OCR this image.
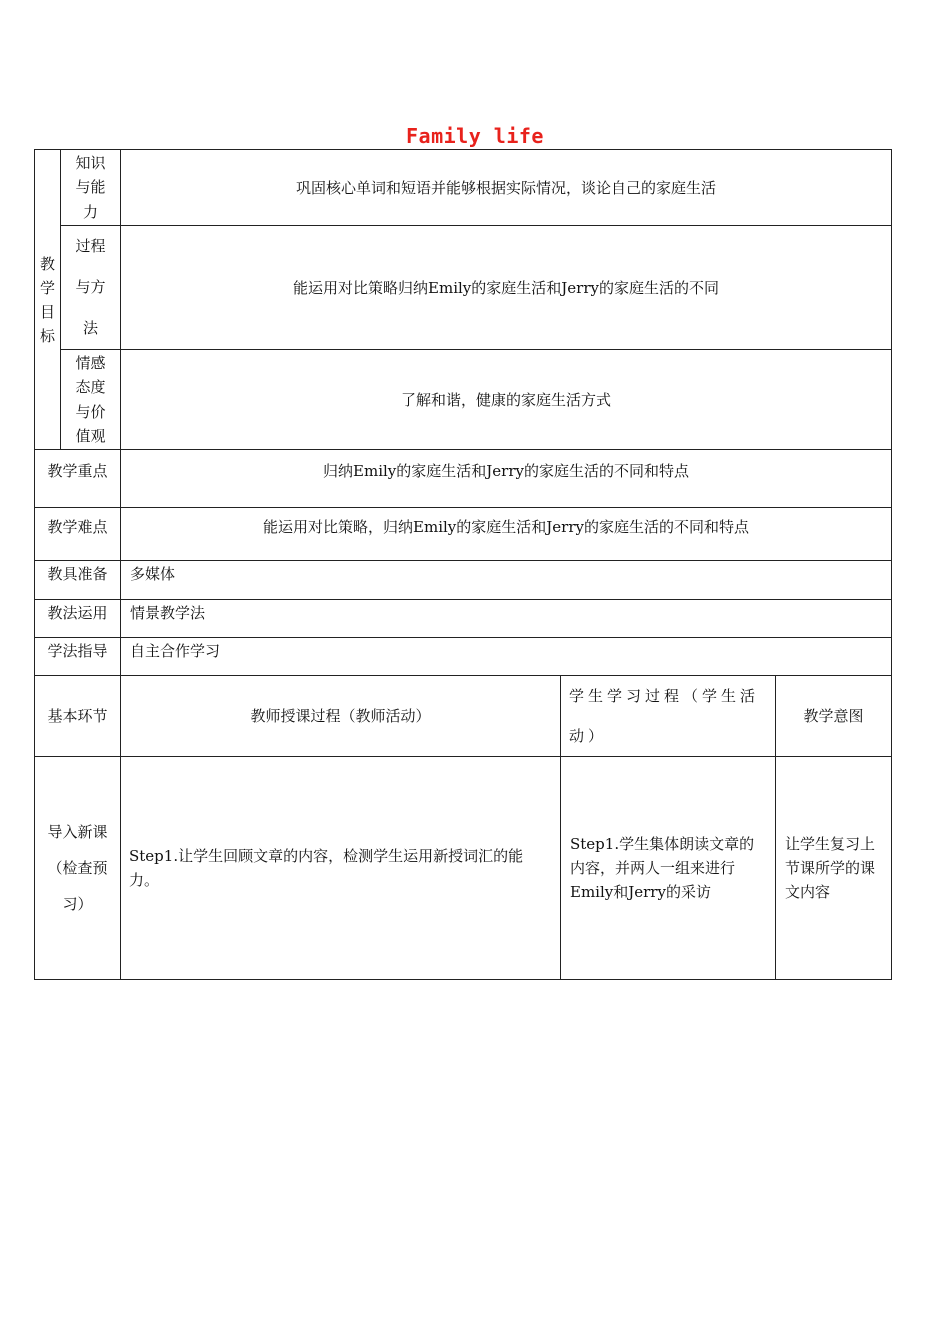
Family life
教学目标	知识与能力	巩固核心单词和短语并能够根据实际情况，谈论自己的家庭生活		

	过程与方法	能运用对比策略归纳Emily的家庭生活和Jerry的家庭生活的不同		

	情感态度与价值观	了解和谐，健康的家庭生活方式		
教学重点		归纳Emily的家庭生活和Jerry的家庭生活的不同和特点		
教学难点		能运用对比策略，归纳Emily的家庭生活和Jerry的家庭生活的不同和特点		
教具准备		多媒体		
教法运用		情景教学法		
学法指导		自主合作学习		
基本环节		教师授课过程（教师活动）	学生学习过程（学生活动）	教学意图

导入新课（检查预习）		Step1.让学生回顾文章的内容，检测学生运用新授词汇的能力。	Step1.学生集体朗读文章的内容，并两人一组来进行Emily和Jerry的采访	让学生复习上节课所学的课文内容
